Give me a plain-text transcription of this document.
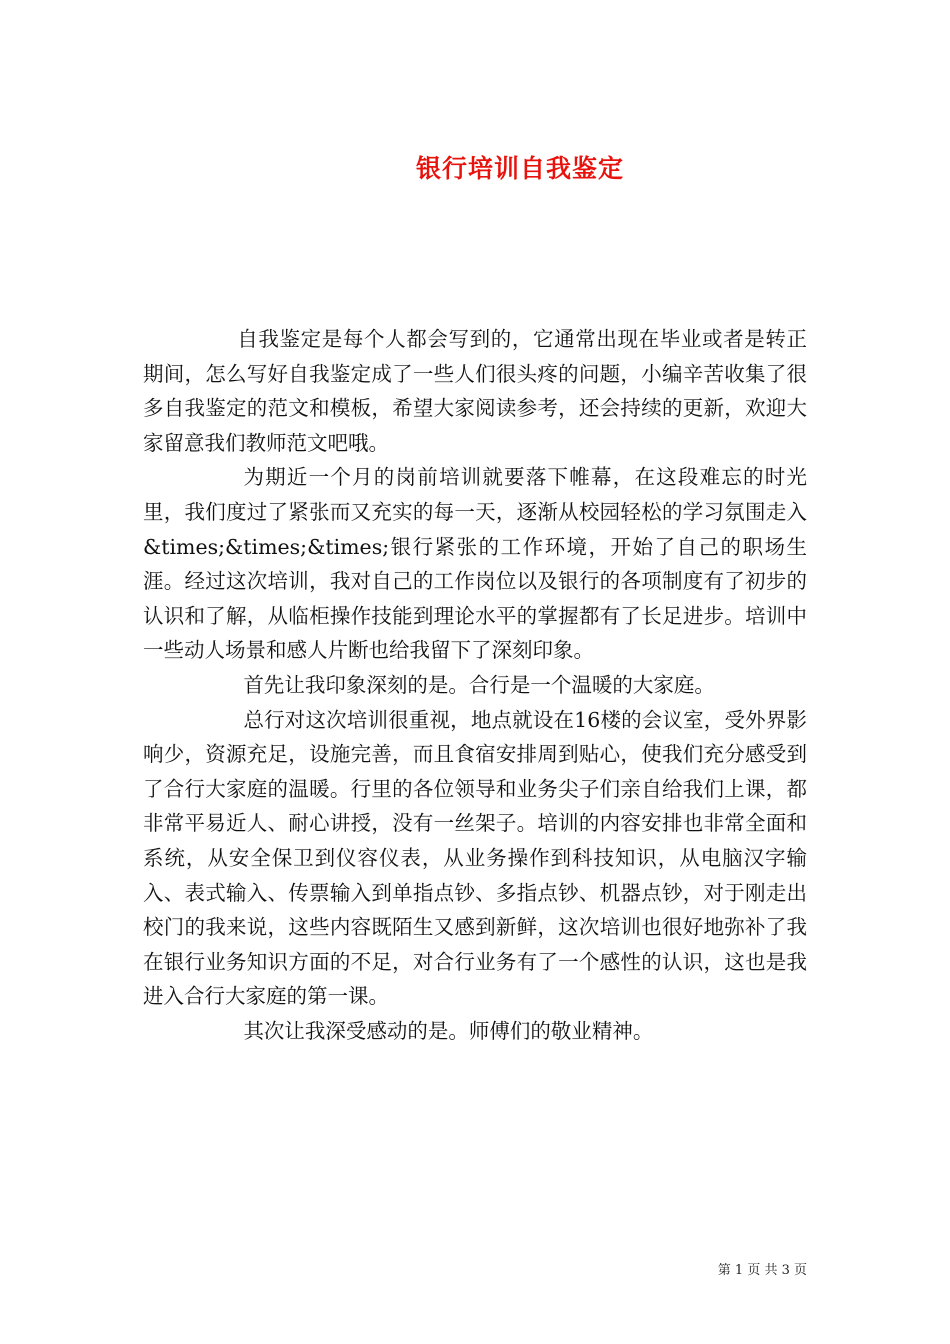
银行培训自我鉴定

自我鉴定是每个人都会写到的，它通常出现在毕业或者是转正期间，怎么写好自我鉴定成了一些人们很头疼的问题，小编辛苦收集了很多自我鉴定的范文和模板，希望大家阅读参考，还会持续的更新，欢迎大家留意我们教师范文吧哦。

为期近一个月的岗前培训就要落下帷幕，在这段难忘的时光里，我们度过了紧张而又充实的每一天，逐渐从校园轻松的学习氛围走入&times;&times;&times;银行紧张的工作环境，开始了自己的职场生涯。经过这次培训，我对自己的工作岗位以及银行的各项制度有了初步的认识和了解，从临柜操作技能到理论水平的掌握都有了长足进步。培训中一些动人场景和感人片断也给我留下了深刻印象。

首先让我印象深刻的是。合行是一个温暖的大家庭。

总行对这次培训很重视，地点就设在16楼的会议室，受外界影响少，资源充足，设施完善，而且食宿安排周到贴心，使我们充分感受到了合行大家庭的温暖。行里的各位领导和业务尖子们亲自给我们上课，都非常平易近人、耐心讲授，没有一丝架子。培训的内容安排也非常全面和系统，从安全保卫到仪容仪表，从业务操作到科技知识，从电脑汉字输入、表式输入、传票输入到单指点钞、多指点钞、机器点钞，对于刚走出校门的我来说，这些内容既陌生又感到新鲜，这次培训也很好地弥补了我在银行业务知识方面的不足，对合行业务有了一个感性的认识，这也是我进入合行大家庭的第一课。

其次让我深受感动的是。师傅们的敬业精神。

第 1 页 共 3 页
